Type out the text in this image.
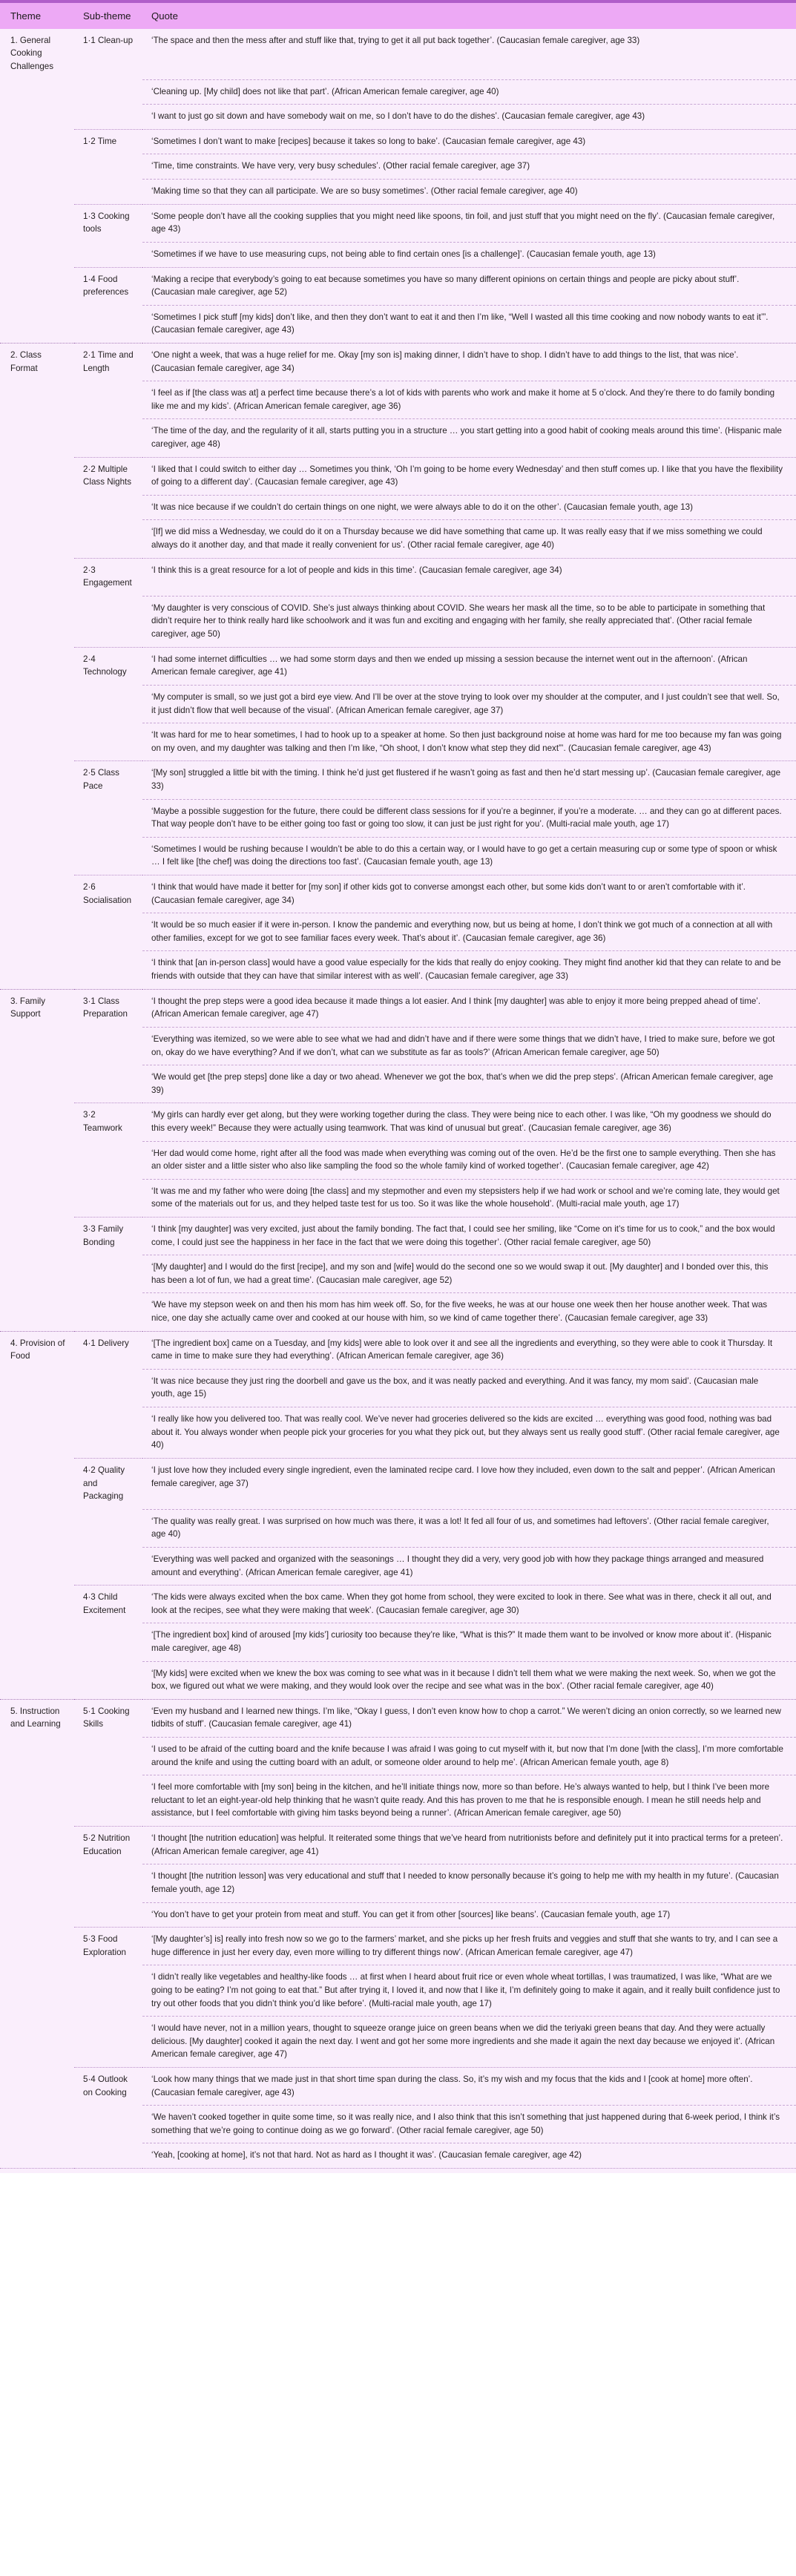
Theme	Sub-theme	Quote
1. General Cooking Challenges	1·1 Clean-up	‘The space and then the mess after and stuff like that, trying to get it all put back together’. (Caucasian female caregiver, age 33)
		‘Cleaning up. [My child] does not like that part’. (African American female caregiver, age 40)
		‘I want to just go sit down and have somebody wait on me, so I don’t have to do the dishes’. (Caucasian female caregiver, age 43)
	1·2 Time	‘Sometimes I don’t want to make [recipes] because it takes so long to bake’. (Caucasian female caregiver, age 43)
		‘Time, time constraints. We have very, very busy schedules’. (Other racial female caregiver, age 37)
		‘Making time so that they can all participate. We are so busy sometimes’. (Other racial female caregiver, age 40)
	1·3 Cooking tools	‘Some people don’t have all the cooking supplies that you might need like spoons, tin foil, and just stuff that you might need on the fly’. (Caucasian female caregiver, age 43)
		‘Sometimes if we have to use measuring cups, not being able to find certain ones [is a challenge]’. (Caucasian female youth, age 13)
	1·4 Food preferences	‘Making a recipe that everybody’s going to eat because sometimes you have so many different opinions on certain things and people are picky about stuff’. (Caucasian male caregiver, age 52)
		‘Sometimes I pick stuff [my kids] don’t like, and then they don’t want to eat it and then I’m like, “Well I wasted all this time cooking and now nobody wants to eat it’”. (Caucasian female caregiver, age 43)
2. Class Format	2·1 Time and Length	‘One night a week, that was a huge relief for me. Okay [my son is] making dinner, I didn’t have to shop. I didn’t have to add things to the list, that was nice’. (Caucasian female caregiver, age 34)
		‘I feel as if [the class was at] a perfect time because there’s a lot of kids with parents who work and make it home at 5 o’clock. And they’re there to do family bonding like me and my kids’. (African American female caregiver, age 36)
		‘The time of the day, and the regularity of it all, starts putting you in a structure … you start getting into a good habit of cooking meals around this time’. (Hispanic male caregiver, age 48)
	2·2 Multiple Class Nights	‘I liked that I could switch to either day … Sometimes you think, ‘Oh I’m going to be home every Wednesday’ and then stuff comes up. I like that you have the flexibility of going to a different day’. (Caucasian female caregiver, age 43)
		‘It was nice because if we couldn’t do certain things on one night, we were always able to do it on the other’. (Caucasian female youth, age 13)
		‘[If] we did miss a Wednesday, we could do it on a Thursday because we did have something that came up. It was really easy that if we miss something we could always do it another day, and that made it really convenient for us’. (Other racial female caregiver, age 40)
	2·3 Engagement	‘I think this is a great resource for a lot of people and kids in this time’. (Caucasian female caregiver, age 34)
		‘My daughter is very conscious of COVID. She’s just always thinking about COVID. She wears her mask all the time, so to be able to participate in something that didn’t require her to think really hard like schoolwork and it was fun and exciting and engaging with her family, she really appreciated that’. (Other racial female caregiver, age 50)
	2·4 Technology	‘I had some internet difficulties … we had some storm days and then we ended up missing a session because the internet went out in the afternoon’. (African American female caregiver, age 41)
		‘My computer is small, so we just got a bird eye view. And I’ll be over at the stove trying to look over my shoulder at the computer, and I just couldn’t see that well. So, it just didn’t flow that well because of the visual’. (African American female caregiver, age 37)
		‘It was hard for me to hear sometimes, I had to hook up to a speaker at home. So then just background noise at home was hard for me too because my fan was going on my oven, and my daughter was talking and then I’m like, “Oh shoot, I don’t know what step they did next”’. (Caucasian female caregiver, age 43)
	2·5 Class Pace	‘[My son] struggled a little bit with the timing. I think he’d just get flustered if he wasn’t going as fast and then he’d start messing up’. (Caucasian female caregiver, age 33)
		‘Maybe a possible suggestion for the future, there could be different class sessions for if you’re a beginner, if you’re a moderate. … and they can go at different paces. That way people don’t have to be either going too fast or going too slow, it can just be just right for you’. (Multi-racial male youth, age 17)
		‘Sometimes I would be rushing because I wouldn’t be able to do this a certain way, or I would have to go get a certain measuring cup or some type of spoon or whisk … I felt like [the chef] was doing the directions too fast’. (Caucasian female youth, age 13)
	2·6 Socialisation	‘I think that would have made it better for [my son] if other kids got to converse amongst each other, but some kids don’t want to or aren’t comfortable with it’. (Caucasian female caregiver, age 34)
		‘It would be so much easier if it were in-person. I know the pandemic and everything now, but us being at home, I don’t think we got much of a connection at all with other families, except for we got to see familiar faces every week. That’s about it’. (Caucasian female caregiver, age 36)
		‘I think that [an in-person class] would have a good value especially for the kids that really do enjoy cooking. They might find another kid that they can relate to and be friends with outside that they can have that similar interest with as well’. (Caucasian female caregiver, age 33)
3. Family Support	3·1 Class Preparation	‘I thought the prep steps were a good idea because it made things a lot easier. And I think [my daughter] was able to enjoy it more being prepped ahead of time’. (African American female caregiver, age 47)
		‘Everything was itemized, so we were able to see what we had and didn’t have and if there were some things that we didn’t have, I tried to make sure, before we got on, okay do we have everything? And if we don’t, what can we substitute as far as tools?’ (African American female caregiver, age 50)
		‘We would get [the prep steps] done like a day or two ahead. Whenever we got the box, that’s when we did the prep steps’. (African American female caregiver, age 39)
	3·2 Teamwork	‘My girls can hardly ever get along, but they were working together during the class. They were being nice to each other. I was like, “Oh my goodness we should do this every week!” Because they were actually using teamwork. That was kind of unusual but great’. (Caucasian female caregiver, age 36)
		‘Her dad would come home, right after all the food was made when everything was coming out of the oven. He’d be the first one to sample everything. Then she has an older sister and a little sister who also like sampling the food so the whole family kind of worked together’. (Caucasian female caregiver, age 42)
		‘It was me and my father who were doing [the class] and my stepmother and even my stepsisters help if we had work or school and we’re coming late, they would get some of the materials out for us, and they helped taste test for us too. So it was like the whole household’. (Multi-racial male youth, age 17)
	3·3 Family Bonding	‘I think [my daughter] was very excited, just about the family bonding. The fact that, I could see her smiling, like “Come on it’s time for us to cook,” and the box would come, I could just see the happiness in her face in the fact that we were doing this together’. (Other racial female caregiver, age 50)
		‘[My daughter] and I would do the first [recipe], and my son and [wife] would do the second one so we would swap it out. [My daughter] and I bonded over this, this has been a lot of fun, we had a great time’. (Caucasian male caregiver, age 52)
		‘We have my stepson week on and then his mom has him week off. So, for the five weeks, he was at our house one week then her house another week. That was nice, one day she actually came over and cooked at our house with him, so we kind of came together there’. (Caucasian female caregiver, age 33)
4. Provision of Food	4·1 Delivery	‘[The ingredient box] came on a Tuesday, and [my kids] were able to look over it and see all the ingredients and everything, so they were able to cook it Thursday. It came in time to make sure they had everything’. (African American female caregiver, age 36)
		‘It was nice because they just ring the doorbell and gave us the box, and it was neatly packed and everything. And it was fancy, my mom said’. (Caucasian male youth, age 15)
		‘I really like how you delivered too. That was really cool. We’ve never had groceries delivered so the kids are excited … everything was good food, nothing was bad about it. You always wonder when people pick your groceries for you what they pick out, but they always sent us really good stuff’. (Other racial female caregiver, age 40)
	4·2 Quality and Packaging	‘I just love how they included every single ingredient, even the laminated recipe card. I love how they included, even down to the salt and pepper’. (African American female caregiver, age 37)
		‘The quality was really great. I was surprised on how much was there, it was a lot! It fed all four of us, and sometimes had leftovers’. (Other racial female caregiver, age 40)
		‘Everything was well packed and organized with the seasonings … I thought they did a very, very good job with how they package things arranged and measured amount and everything’. (African American female caregiver, age 41)
	4·3 Child Excitement	‘The kids were always excited when the box came. When they got home from school, they were excited to look in there. See what was in there, check it all out, and look at the recipes, see what they were making that week’. (Caucasian female caregiver, age 30)
		‘[The ingredient box] kind of aroused [my kids’] curiosity too because they’re like, “What is this?” It made them want to be involved or know more about it’. (Hispanic male caregiver, age 48)
		‘[My kids] were excited when we knew the box was coming to see what was in it because I didn’t tell them what we were making the next week. So, when we got the box, we figured out what we were making, and they would look over the recipe and see what was in the box’. (Other racial female caregiver, age 40)
5. Instruction and Learning	5·1 Cooking Skills	‘Even my husband and I learned new things. I’m like, “Okay I guess, I don’t even know how to chop a carrot.” We weren’t dicing an onion correctly, so we learned new tidbits of stuff’. (Caucasian female caregiver, age 41)
		‘I used to be afraid of the cutting board and the knife because I was afraid I was going to cut myself with it, but now that I’m done [with the class], I’m more comfortable around the knife and using the cutting board with an adult, or someone older around to help me’. (African American female youth, age 8)
		‘I feel more comfortable with [my son] being in the kitchen, and he’ll initiate things now, more so than before. He’s always wanted to help, but I think I’ve been more reluctant to let an eight-year-old help thinking that he wasn’t quite ready. And this has proven to me that he is responsible enough. I mean he still needs help and assistance, but I feel comfortable with giving him tasks beyond being a runner’. (African American female caregiver, age 50)
	5·2 Nutrition Education	‘I thought [the nutrition education] was helpful. It reiterated some things that we’ve heard from nutritionists before and definitely put it into practical terms for a preteen’. (African American female caregiver, age 41)
		‘I thought [the nutrition lesson] was very educational and stuff that I needed to know personally because it’s going to help me with my health in my future’. (Caucasian female youth, age 12)
		‘You don’t have to get your protein from meat and stuff. You can get it from other [sources] like beans’. (Caucasian female youth, age 17)
	5·3 Food Exploration	‘[My daughter’s] is] really into fresh now so we go to the farmers’ market, and she picks up her fresh fruits and veggies and stuff that she wants to try, and I can see a huge difference in just her every day, even more willing to try different things now’. (African American female caregiver, age 47)
		‘I didn’t really like vegetables and healthy-like foods … at first when I heard about fruit rice or even whole wheat tortillas, I was traumatized, I was like, “What are we going to be eating? I’m not going to eat that.” But after trying it, I loved it, and now that I like it, I’m definitely going to make it again, and it really built confidence just to try out other foods that you didn’t think you’d like before’. (Multi-racial male youth, age 17)
		‘I would have never, not in a million years, thought to squeeze orange juice on green beans when we did the teriyaki green beans that day. And they were actually delicious. [My daughter] cooked it again the next day. I went and got her some more ingredients and she made it again the next day because we enjoyed it’. (African American female caregiver, age 47)
	5·4 Outlook on Cooking	‘Look how many things that we made just in that short time span during the class. So, it’s my wish and my focus that the kids and I [cook at home] more often’. (Caucasian female caregiver, age 43)
		‘We haven’t cooked together in quite some time, so it was really nice, and I also think that this isn’t something that just happened during that 6-week period, I think it’s something that we’re going to continue doing as we go forward’. (Other racial female caregiver, age 50)
		‘Yeah, [cooking at home], it’s not that hard. Not as hard as I thought it was’. (Caucasian female caregiver, age 42)
